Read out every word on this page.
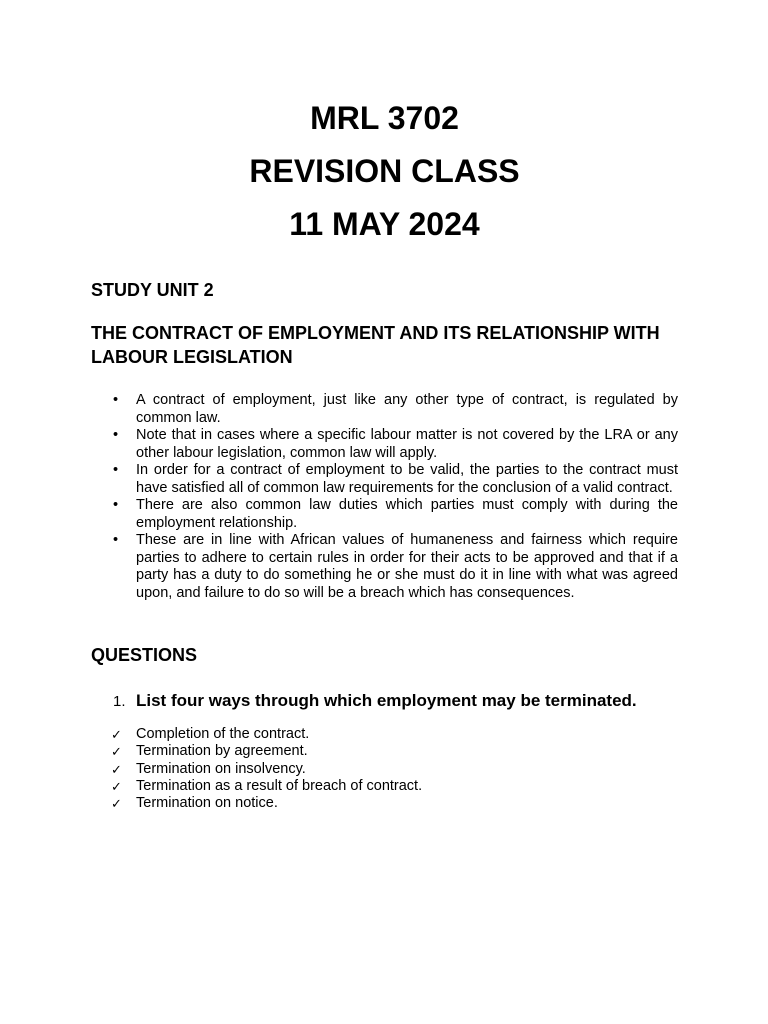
MRL 3702

REVISION CLASS

11 MAY 2024

STUDY UNIT 2

THE CONTRACT OF EMPLOYMENT AND ITS RELATIONSHIP WITH LABOUR LEGISLATION

• A contract of employment, just like any other type of contract, is regulated by common law.
• Note that in cases where a specific labour matter is not covered by the LRA or any other labour legislation, common law will apply.
• In order for a contract of employment to be valid, the parties to the contract must have satisfied all of common law requirements for the conclusion of a valid contract.
• There are also common law duties which parties must comply with during the employment relationship.
• These are in line with African values of humaneness and fairness which require parties to adhere to certain rules in order for their acts to be approved and that if a party has a duty to do something he or she must do it in line with what was agreed upon, and failure to do so will be a breach which has consequences.

QUESTIONS

1. List four ways through which employment may be terminated.
✓ Completion of the contract.
✓ Termination by agreement.
✓ Termination on insolvency.
✓ Termination as a result of breach of contract.
✓ Termination on notice.
